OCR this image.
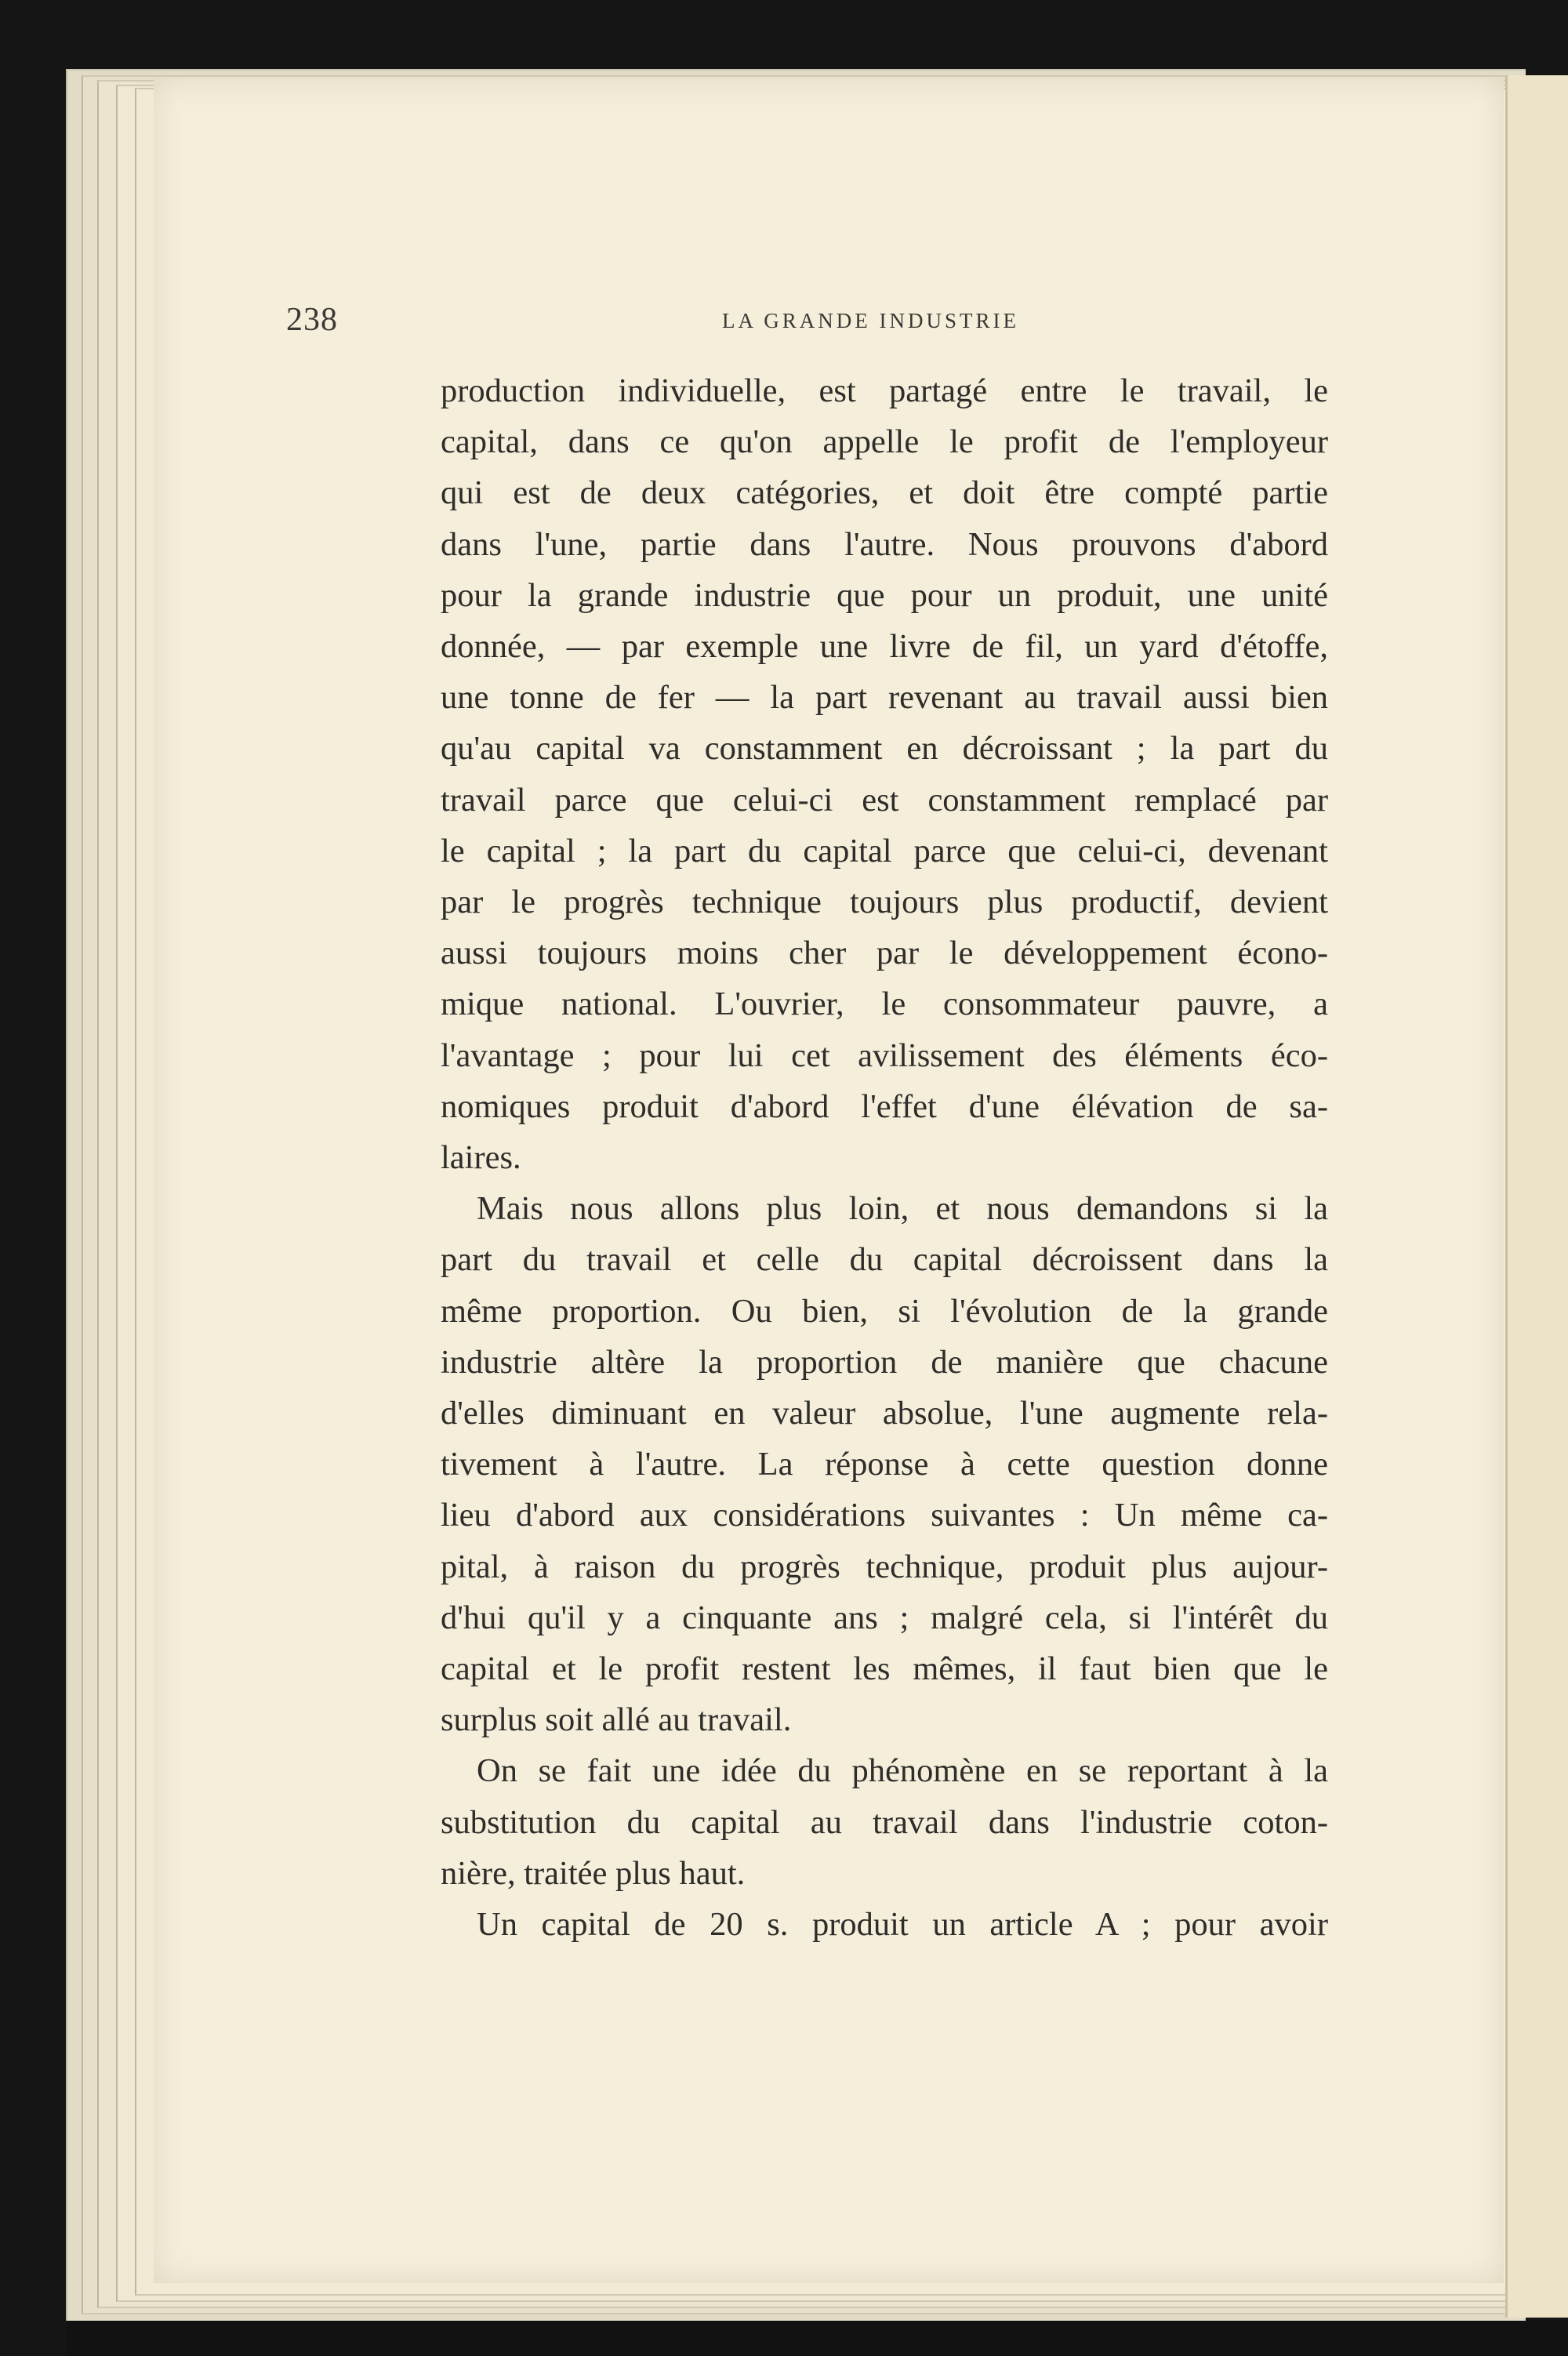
238	LA GRANDE INDUSTRIE

production individuelle, est partagé entre le travail, le
capital, dans ce qu'on appelle le profit de l'employeur
qui est de deux catégories, et doit être compté partie
dans l'une, partie dans l'autre. Nous prouvons d'abord
pour la grande industrie que pour un produit, une unité
donnée, — par exemple une livre de fil, un yard d'étoffe,
une tonne de fer — la part revenant au travail aussi bien
qu'au capital va constamment en décroissant ; la part du
travail parce que celui-ci est constamment remplacé par
le capital ; la part du capital parce que celui-ci, devenant
par le progrès technique toujours plus productif, devient
aussi toujours moins cher par le développement écono-
mique national. L'ouvrier, le consommateur pauvre, a
l'avantage ; pour lui cet avilissement des éléments éco-
nomiques produit d'abord l'effet d'une élévation de sa-
laires.

Mais nous allons plus loin, et nous demandons si la
part du travail et celle du capital décroissent dans la
même proportion. Ou bien, si l'évolution de la grande
industrie altère la proportion de manière que chacune
d'elles diminuant en valeur absolue, l'une augmente rela-
tivement à l'autre. La réponse à cette question donne
lieu d'abord aux considérations suivantes : Un même ca-
pital, à raison du progrès technique, produit plus aujour-
d'hui qu'il y a cinquante ans ; malgré cela, si l'intérêt du
capital et le profit restent les mêmes, il faut bien que le
surplus soit allé au travail.

On se fait une idée du phénomène en se reportant à la
substitution du capital au travail dans l'industrie coton-
nière, traitée plus haut.

Un capital de 20 s. produit un article A ; pour avoir
